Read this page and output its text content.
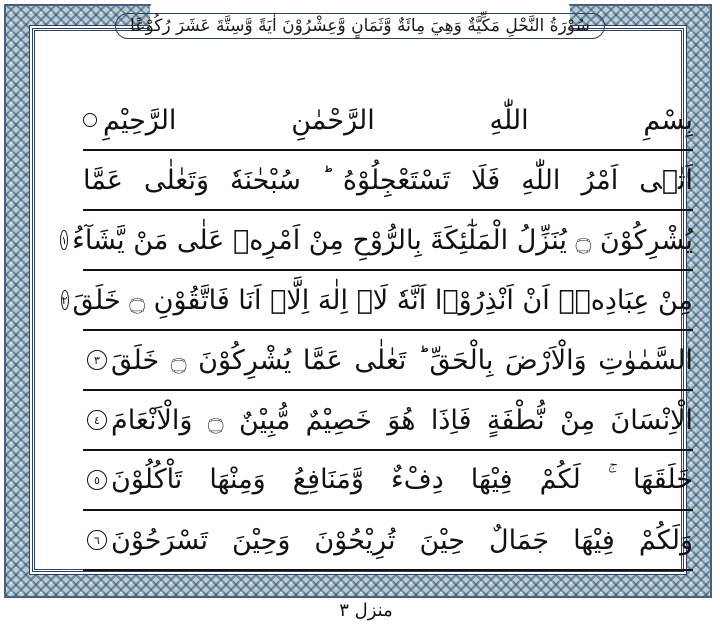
بِسْمِ اللّٰهِ الرَّحْمٰنِ الرَّحِيْمِ
اَتٰۤى اَمْرُ اللّٰهِ فَلَا تَسْتَعْجِلُوْهُ ؕ سُبْحٰنَهٗ وَتَعٰلٰى عَمَّا
يُشْرِكُوْنَ ۝ يُنَزِّلُ الْمَلٰٓئِكَةَ بِالرُّوْحِ مِنْ اَمْرِهٖ عَلٰى مَنْ يَّشَآءُ
١
مِنْ عِبَادِهٖۤ اَنْ اَنْذِرُوْۤا اَنَّهٗ لَاۤ اِلٰهَ اِلَّاۤ اَنَا فَاتَّقُوْنِ ۝ خَلَقَ
٢
السَّمٰوٰتِ وَالْاَرْضَ بِالْحَقِّ ؕ تَعٰلٰى عَمَّا يُشْرِكُوْنَ ۝ خَلَقَ
٣
الْاِنْسَانَ مِنْ نُّطْفَةٍ فَاِذَا هُوَ خَصِيْمٌ مُّبِيْنٌ ۝ وَالْاَنْعَامَ
٤
خَلَقَهَا ۚ لَكُمْ فِيْهَا دِفْءٌ وَّمَنَافِعُ وَمِنْهَا تَاْكُلُوْنَ
٥
وَلَكُمْ فِيْهَا جَمَالٌ حِيْنَ تُرِيْحُوْنَ وَحِيْنَ تَسْرَحُوْنَ
٦
سُوْرَةُ النَّحْلِ مَكِّيَّةٌ وَهِيَ مِائَةٌ وَّثَمَانٍ وَّعِشْرُوْنَ اٰيَةً وَّسِتَّةَ عَشَرَ رُكُوْعًا
منزل ٣
